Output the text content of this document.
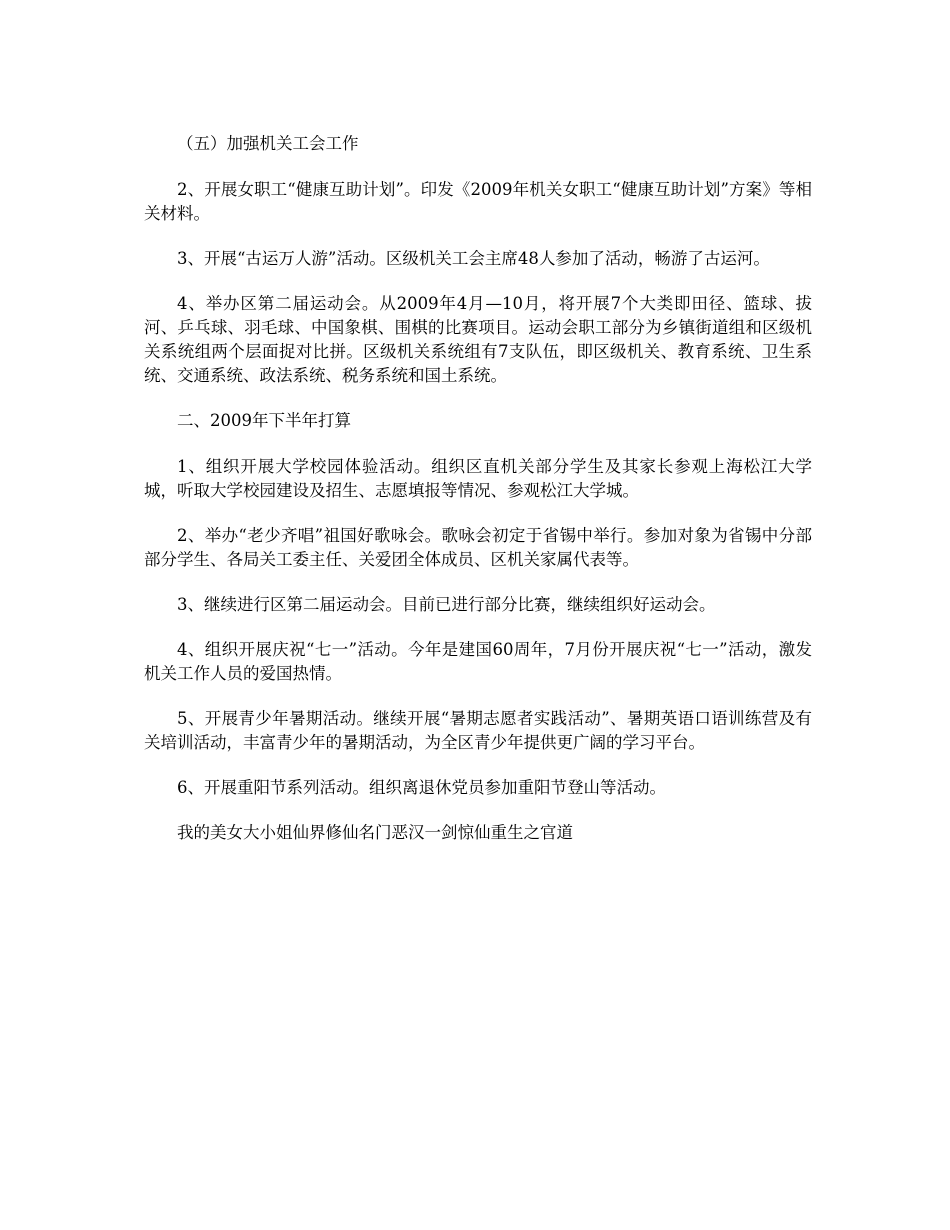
（五）加强机关工会工作

2、开展女职工“健康互助计划”。印发《2009年机关女职工“健康互助计划”方案》等相关材料。

3、开展“古运万人游”活动。区级机关工会主席48人参加了活动，畅游了古运河。

4、举办区第二届运动会。从2009年4月—10月，将开展7个大类即田径、篮球、拔河、乒乓球、羽毛球、中国象棋、围棋的比赛项目。运动会职工部分为乡镇街道组和区级机关系统组两个层面捉对比拼。区级机关系统组有7支队伍，即区级机关、教育系统、卫生系统、交通系统、政法系统、税务系统和国土系统。

二、2009年下半年打算

1、组织开展大学校园体验活动。组织区直机关部分学生及其家长参观上海松江大学城，听取大学校园建设及招生、志愿填报等情况、参观松江大学城。

2、举办“老少齐唱”祖国好歌咏会。歌咏会初定于省锡中举行。参加对象为省锡中分部部分学生、各局关工委主任、关爱团全体成员、区机关家属代表等。

3、继续进行区第二届运动会。目前已进行部分比赛，继续组织好运动会。

4、组织开展庆祝“七一”活动。今年是建国60周年，7月份开展庆祝“七一”活动，激发机关工作人员的爱国热情。

5、开展青少年暑期活动。继续开展“暑期志愿者实践活动”、暑期英语口语训练营及有关培训活动，丰富青少年的暑期活动，为全区青少年提供更广阔的学习平台。

6、开展重阳节系列活动。组织离退休党员参加重阳节登山等活动。

我的美女大小姐仙界修仙名门恶汉一剑惊仙重生之官道
